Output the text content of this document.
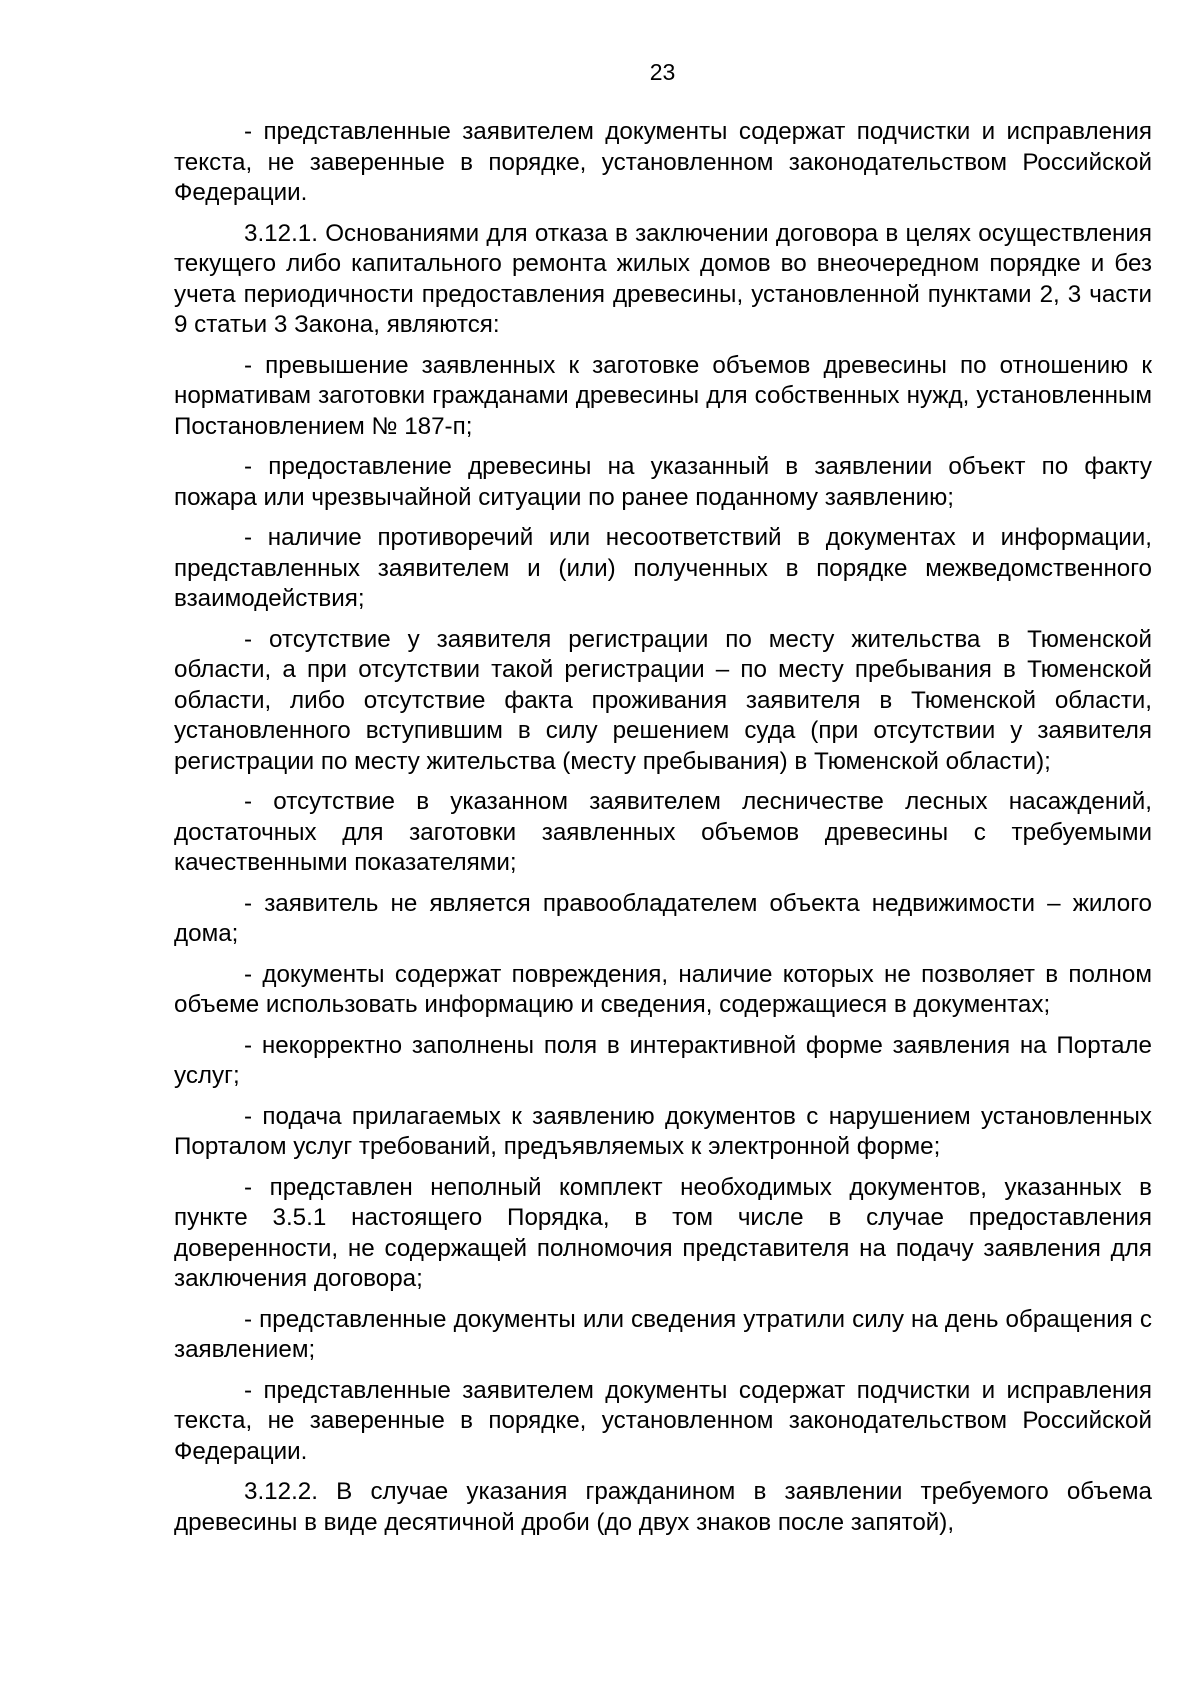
23

- представленные заявителем документы содержат подчистки и исправления текста, не заверенные в порядке, установленном законодательством Российской Федерации.

3.12.1. Основаниями для отказа в заключении договора в целях осуществления текущего либо капитального ремонта жилых домов во внеочередном порядке и без учета периодичности предоставления древесины, установленной пунктами 2, 3 части 9 статьи 3 Закона, являются:

- превышение заявленных к заготовке объемов древесины по отношению к нормативам заготовки гражданами древесины для собственных нужд, установленным Постановлением № 187-п;

- предоставление древесины на указанный в заявлении объект по факту пожара или чрезвычайной ситуации по ранее поданному заявлению;

- наличие противоречий или несоответствий в документах и информации, представленных заявителем и (или) полученных в порядке межведомственного взаимодействия;

- отсутствие у заявителя регистрации по месту жительства в Тюменской области, а при отсутствии такой регистрации – по месту пребывания в Тюменской области, либо отсутствие факта проживания заявителя в Тюменской области, установленного вступившим в силу решением суда (при отсутствии у заявителя регистрации по месту жительства (месту пребывания) в Тюменской области);

- отсутствие в указанном заявителем лесничестве лесных насаждений, достаточных для заготовки заявленных объемов древесины с требуемыми качественными показателями;

- заявитель не является правообладателем объекта недвижимости – жилого дома;

- документы содержат повреждения, наличие которых не позволяет в полном объеме использовать информацию и сведения, содержащиеся в документах;

- некорректно заполнены поля в интерактивной форме заявления на Портале услуг;

- подача прилагаемых к заявлению документов с нарушением установленных Порталом услуг требований, предъявляемых к электронной форме;

- представлен неполный комплект необходимых документов, указанных в пункте 3.5.1 настоящего Порядка, в том числе в случае предоставления доверенности, не содержащей полномочия представителя на подачу заявления для заключения договора;

- представленные документы или сведения утратили силу на день обращения с заявлением;

- представленные заявителем документы содержат подчистки и исправления текста, не заверенные в порядке, установленном законодательством Российской Федерации.

3.12.2. В случае указания гражданином в заявлении требуемого объема древесины в виде десятичной дроби (до двух знаков после запятой),
